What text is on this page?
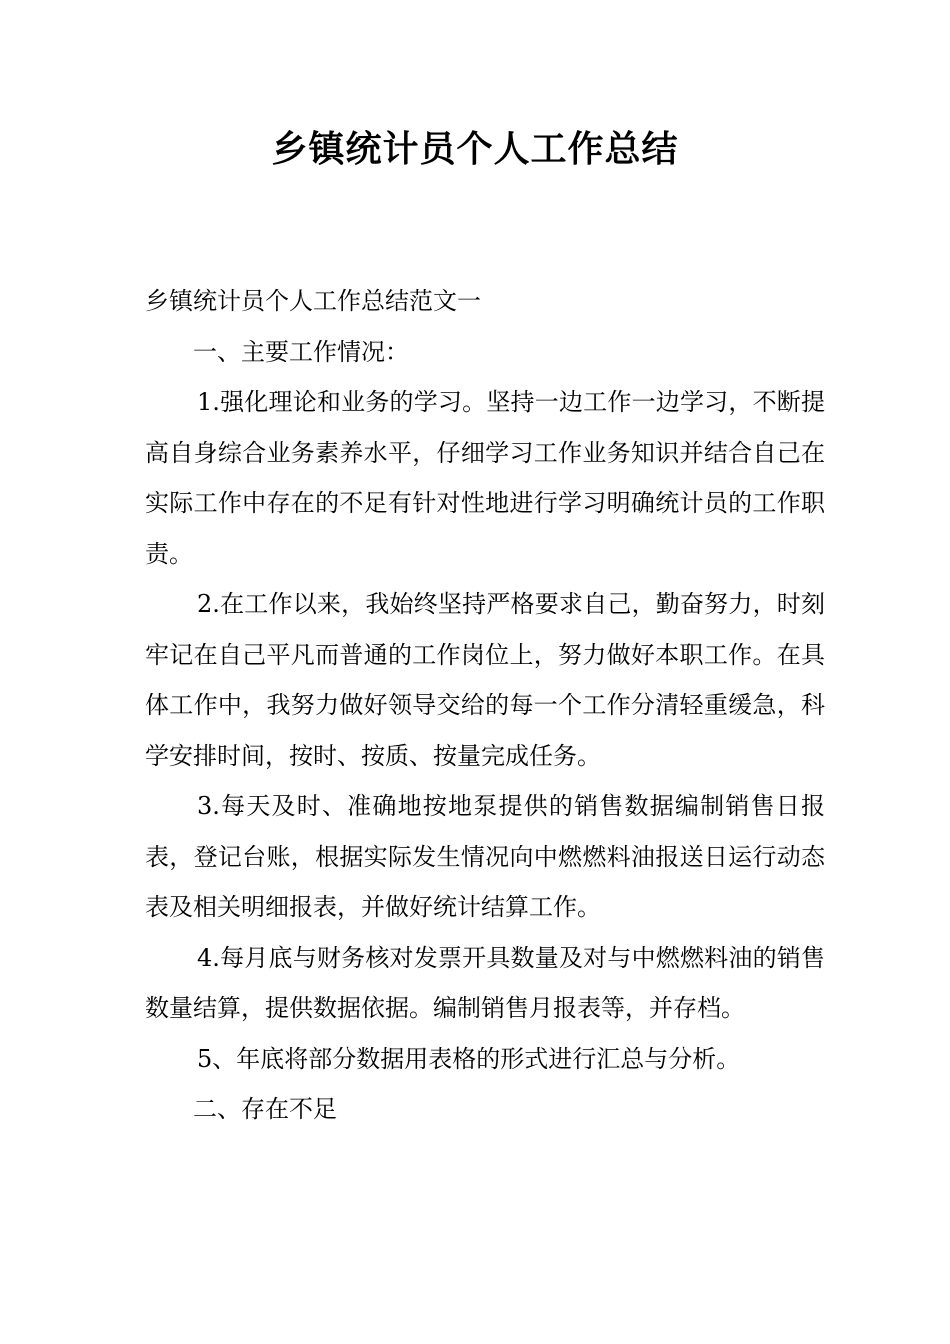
乡镇统计员个人工作总结

乡镇统计员个人工作总结范文一

一、主要工作情况：

1.强化理论和业务的学习。坚持一边工作一边学习，不断提高自身综合业务素养水平，仔细学习工作业务知识并结合自己在实际工作中存在的不足有针对性地进行学习明确统计员的工作职责。

2.在工作以来，我始终坚持严格要求自己，勤奋努力，时刻牢记在自己平凡而普通的工作岗位上，努力做好本职工作。在具体工作中，我努力做好领导交给的每一个工作分清轻重缓急，科学安排时间，按时、按质、按量完成任务。

3.每天及时、准确地按地泵提供的销售数据编制销售日报表，登记台账，根据实际发生情况向中燃燃料油报送日运行动态表及相关明细报表，并做好统计结算工作。

4.每月底与财务核对发票开具数量及对与中燃燃料油的销售数量结算，提供数据依据。编制销售月报表等，并存档。

5、年底将部分数据用表格的形式进行汇总与分析。

二、存在不足
